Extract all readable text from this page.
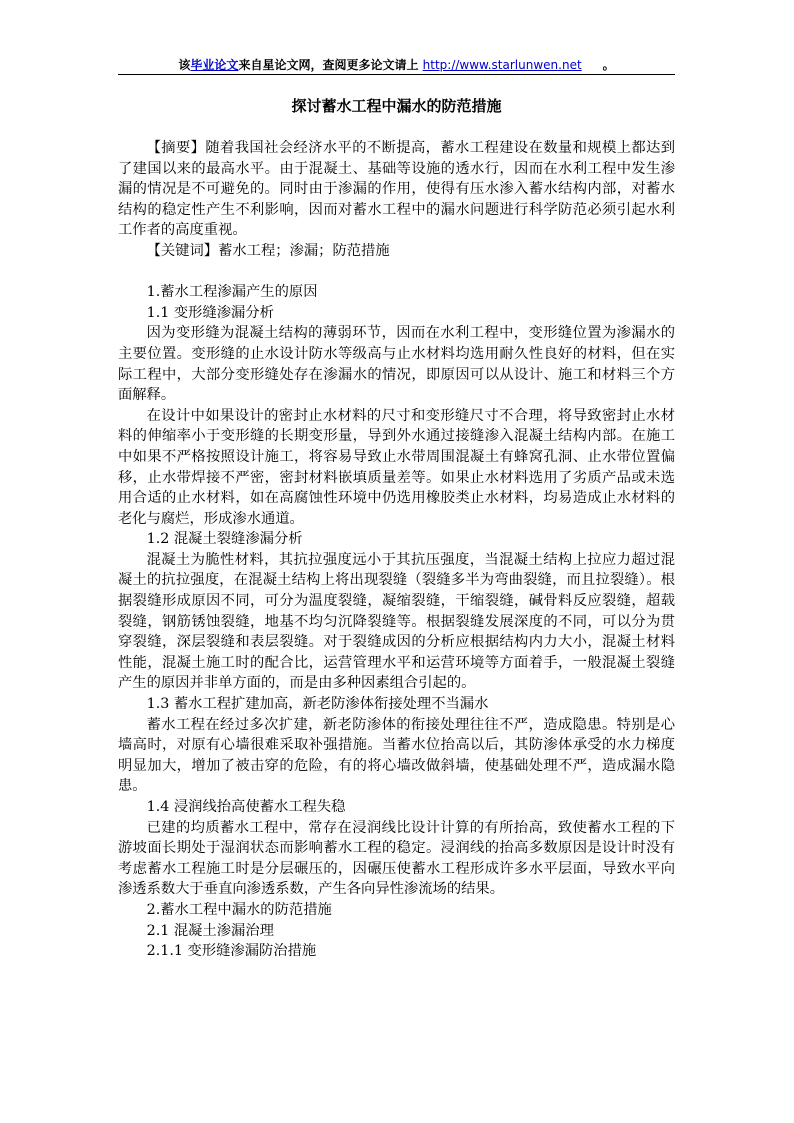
该毕业论文来自星论文网，查阅更多论文请上 http://www.starlunwen.net 。
探讨蓄水工程中漏水的防范措施

【摘要】随着我国社会经济水平的不断提高，蓄水工程建设在数量和规模上都达到了建国以来的最高水平。由于混凝土、基础等设施的透水行，因而在水利工程中发生渗漏的情况是不可避免的。同时由于渗漏的作用，使得有压水渗入蓄水结构内部，对蓄水结构的稳定性产生不利影响，因而对蓄水工程中的漏水问题进行科学防范必须引起水利工作者的高度重视。

【关键词】蓄水工程；渗漏；防范措施

1.蓄水工程渗漏产生的原因
1.1 变形缝渗漏分析

因为变形缝为混凝土结构的薄弱环节，因而在水利工程中，变形缝位置为渗漏水的主要位置。变形缝的止水设计防水等级高与止水材料均选用耐久性良好的材料，但在实际工程中，大部分变形缝处存在渗漏水的情况，即原因可以从设计、施工和材料三个方面解释。

在设计中如果设计的密封止水材料的尺寸和变形缝尺寸不合理，将导致密封止水材料的伸缩率小于变形缝的长期变形量，导到外水通过接缝渗入混凝土结构内部。在施工中如果不严格按照设计施工，将容易导致止水带周围混凝土有蜂窝孔洞、止水带位置偏移，止水带焊接不严密，密封材料嵌填质量差等。如果止水材料选用了劣质产品或未选用合适的止水材料，如在高腐蚀性环境中仍选用橡胶类止水材料，均易造成止水材料的老化与腐烂，形成渗水通道。

1.2 混凝土裂缝渗漏分析

混凝土为脆性材料，其抗拉强度远小于其抗压强度，当混凝土结构上拉应力超过混凝土的抗拉强度，在混凝土结构上将出现裂缝（裂缝多半为弯曲裂缝，而且拉裂缝）。根据裂缝形成原因不同，可分为温度裂缝，凝缩裂缝，干缩裂缝，碱骨料反应裂缝，超载裂缝，钢筋锈蚀裂缝，地基不均匀沉降裂缝等。根据裂缝发展深度的不同，可以分为贯穿裂缝，深层裂缝和表层裂缝。对于裂缝成因的分析应根据结构内力大小，混凝土材料性能，混凝土施工时的配合比，运营管理水平和运营环境等方面着手，一般混凝土裂缝产生的原因并非单方面的，而是由多种因素组合引起的。

1.3 蓄水工程扩建加高，新老防渗体衔接处理不当漏水

蓄水工程在经过多次扩建，新老防渗体的衔接处理往往不严，造成隐患。特别是心墙高时，对原有心墙很难采取补强措施。当蓄水位抬高以后，其防渗体承受的水力梯度明显加大，增加了被击穿的危险，有的将心墙改做斜墙，使基础处理不严，造成漏水隐患。

1.4 浸润线抬高使蓄水工程失稳

已建的均质蓄水工程中，常存在浸润线比设计计算的有所抬高，致使蓄水工程的下游坡面长期处于湿润状态而影响蓄水工程的稳定。浸润线的抬高多数原因是设计时没有考虑蓄水工程施工时是分层碾压的，因碾压使蓄水工程形成许多水平层面，导致水平向渗透系数大于垂直向渗透系数，产生各向异性渗流场的结果。

2.蓄水工程中漏水的防范措施
2.1 混凝土渗漏治理
2.1.1 变形缝渗漏防治措施
